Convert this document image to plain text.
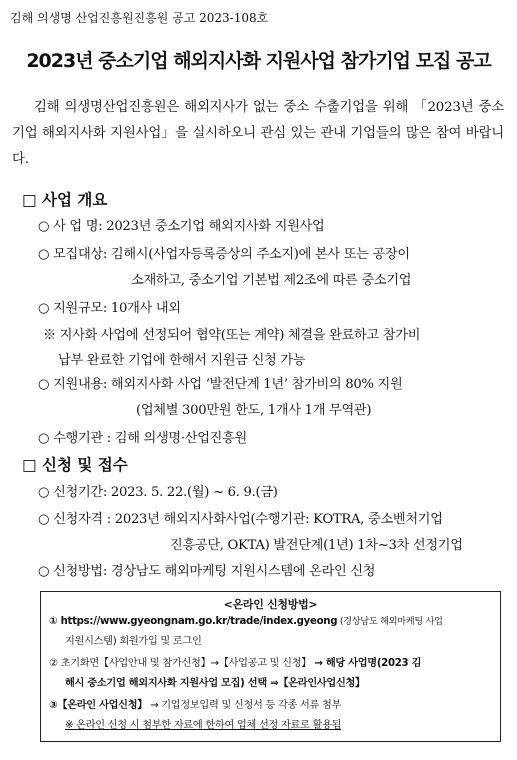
김해 의생명 산업진흥원진흥원 공고 2023-108호
2023년 중소기업 해외지사화 지원사업 참가기업 모집 공고
김해 의생명산업진흥원은 해외지사가 없는 중소 수출기업을 위해 「2023년 중소기업 해외지사화 지원사업」을 실시하오니 관심 있는 관내 기업들의 많은 참여 바랍니다.
□ 사업 개요
○ 사 업 명: 2023년 중소기업 해외지사화 지원사업
○ 모집대상: 김해시(사업자등록증상의 주소지)에 본사 또는 공장이
소재하고, 중소기업 기본법 제2조에 따른 중소기업
○ 지원규모: 10개사 내외
※ 지사화 사업에 선정되어 협약(또는 계약) 체결을 완료하고 참가비
납부 완료한 기업에 한해서 지원금 신청 가능
○ 지원내용: 해외지사화 사업 ‘발전단계 1년’ 참가비의 80% 지원
(업체별 300만원 한도, 1개사 1개 무역관)
○ 수행기관 : 김해 의생명·산업진흥원
□ 신청 및 접수
○ 신청기간: 2023. 5. 22.(월) ~ 6. 9.(금)
○ 신청자격 : 2023년 해외지사화사업(수행기관: KOTRA, 중소벤처기업
진흥공단, OKTA) 발전단계(1년) 1차~3차 선정기업
○ 신청방법: 경상남도 해외마케팅 지원시스템에 온라인 신청
<온라인 신청방법>
① https://www.gyeongnam.go.kr/trade/index.gyeong (경상남도 해외마케팅 사업
지원시스템) 회원가입 및 로그인
② 초기화면【사업안내 및 참가신청】→【사업공고 및 신청】 → 해당 사업명(2023 김
해시 중소기업 해외지사화 지원사업 모집) 선택 ⇒【온라인사업신청】
③【온라인 사업신청】 → 기업정보입력 및 신청서 등 각종 서류 첨부
※ 온라인 신청 시 첨부한 자료에 한하여 업체 선정 자료로 활용됨
